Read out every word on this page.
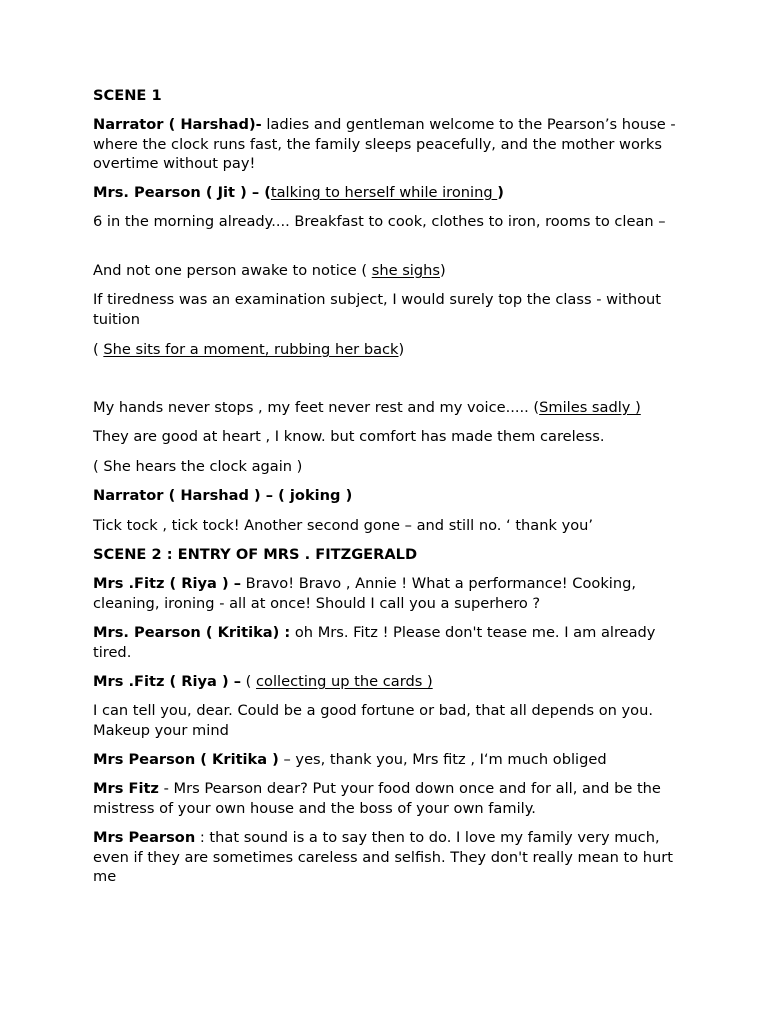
SCENE 1

Narrator ( Harshad)- ladies and gentleman welcome to the Pearson’s house - where the clock runs fast, the family sleeps peacefully, and the mother works overtime without pay!

Mrs. Pearson ( Jit ) – (talking to herself while ironing )

6 in the morning already.... Breakfast to cook, clothes to iron, rooms to clean –

And not one person awake to notice ( she sighs)

If tiredness was an examination subject, I would surely top the class - without tuition

( She sits for a moment, rubbing her back)

My hands never stops , my feet never rest and my voice..... (Smiles sadly )

They are good at heart , I know. but comfort has made them careless.

( She hears the clock again )

Narrator ( Harshad ) – ( joking )

Tick tock , tick tock! Another second gone – and still no. ‘ thank you’

SCENE 2 : ENTRY OF MRS . FITZGERALD

Mrs .Fitz ( Riya ) – Bravo! Bravo , Annie ! What a performance! Cooking, cleaning, ironing - all at once! Should I call you a superhero ?

Mrs. Pearson ( Kritika) : oh Mrs. Fitz ! Please don't tease me. I am already tired.

Mrs .Fitz ( Riya ) – ( collecting up the cards )

I can tell you, dear. Could be a good fortune or bad, that all depends on you. Makeup your mind

Mrs Pearson ( Kritika ) – yes, thank you, Mrs fitz , I‘m much obliged

Mrs Fitz - Mrs Pearson dear? Put your food down once and for all, and be the mistress of your own house and the boss of your own family.

Mrs Pearson : that sound is a to say then to do. I love my family very much, even if they are sometimes careless and selfish. They don't really mean to hurt me
